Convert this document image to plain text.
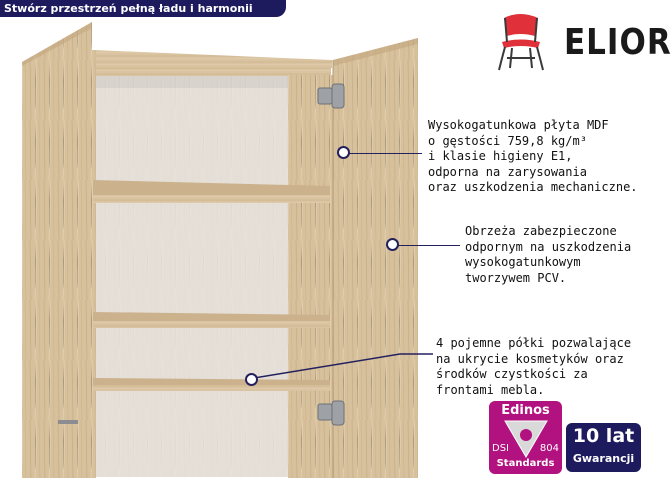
Stwórz przestrzeń pełną ładu i harmonii
ELIOR
Wysokogatunkowa płyta MDF
o gęstości 759,8 kg/m³
i klasie higieny E1,
odporna na zarysowania
oraz uszkodzenia mechaniczne.
Obrzeża zabezpieczone
odpornym na uszkodzenia
wysokogatunkowym
tworzywem PCV.
4 pojemne półki pozwalające
na ukrycie kosmetyków oraz
środków czystkości za
frontami mebla.
Edinos
DSI	804
Standards
10 lat
Gwarancji
